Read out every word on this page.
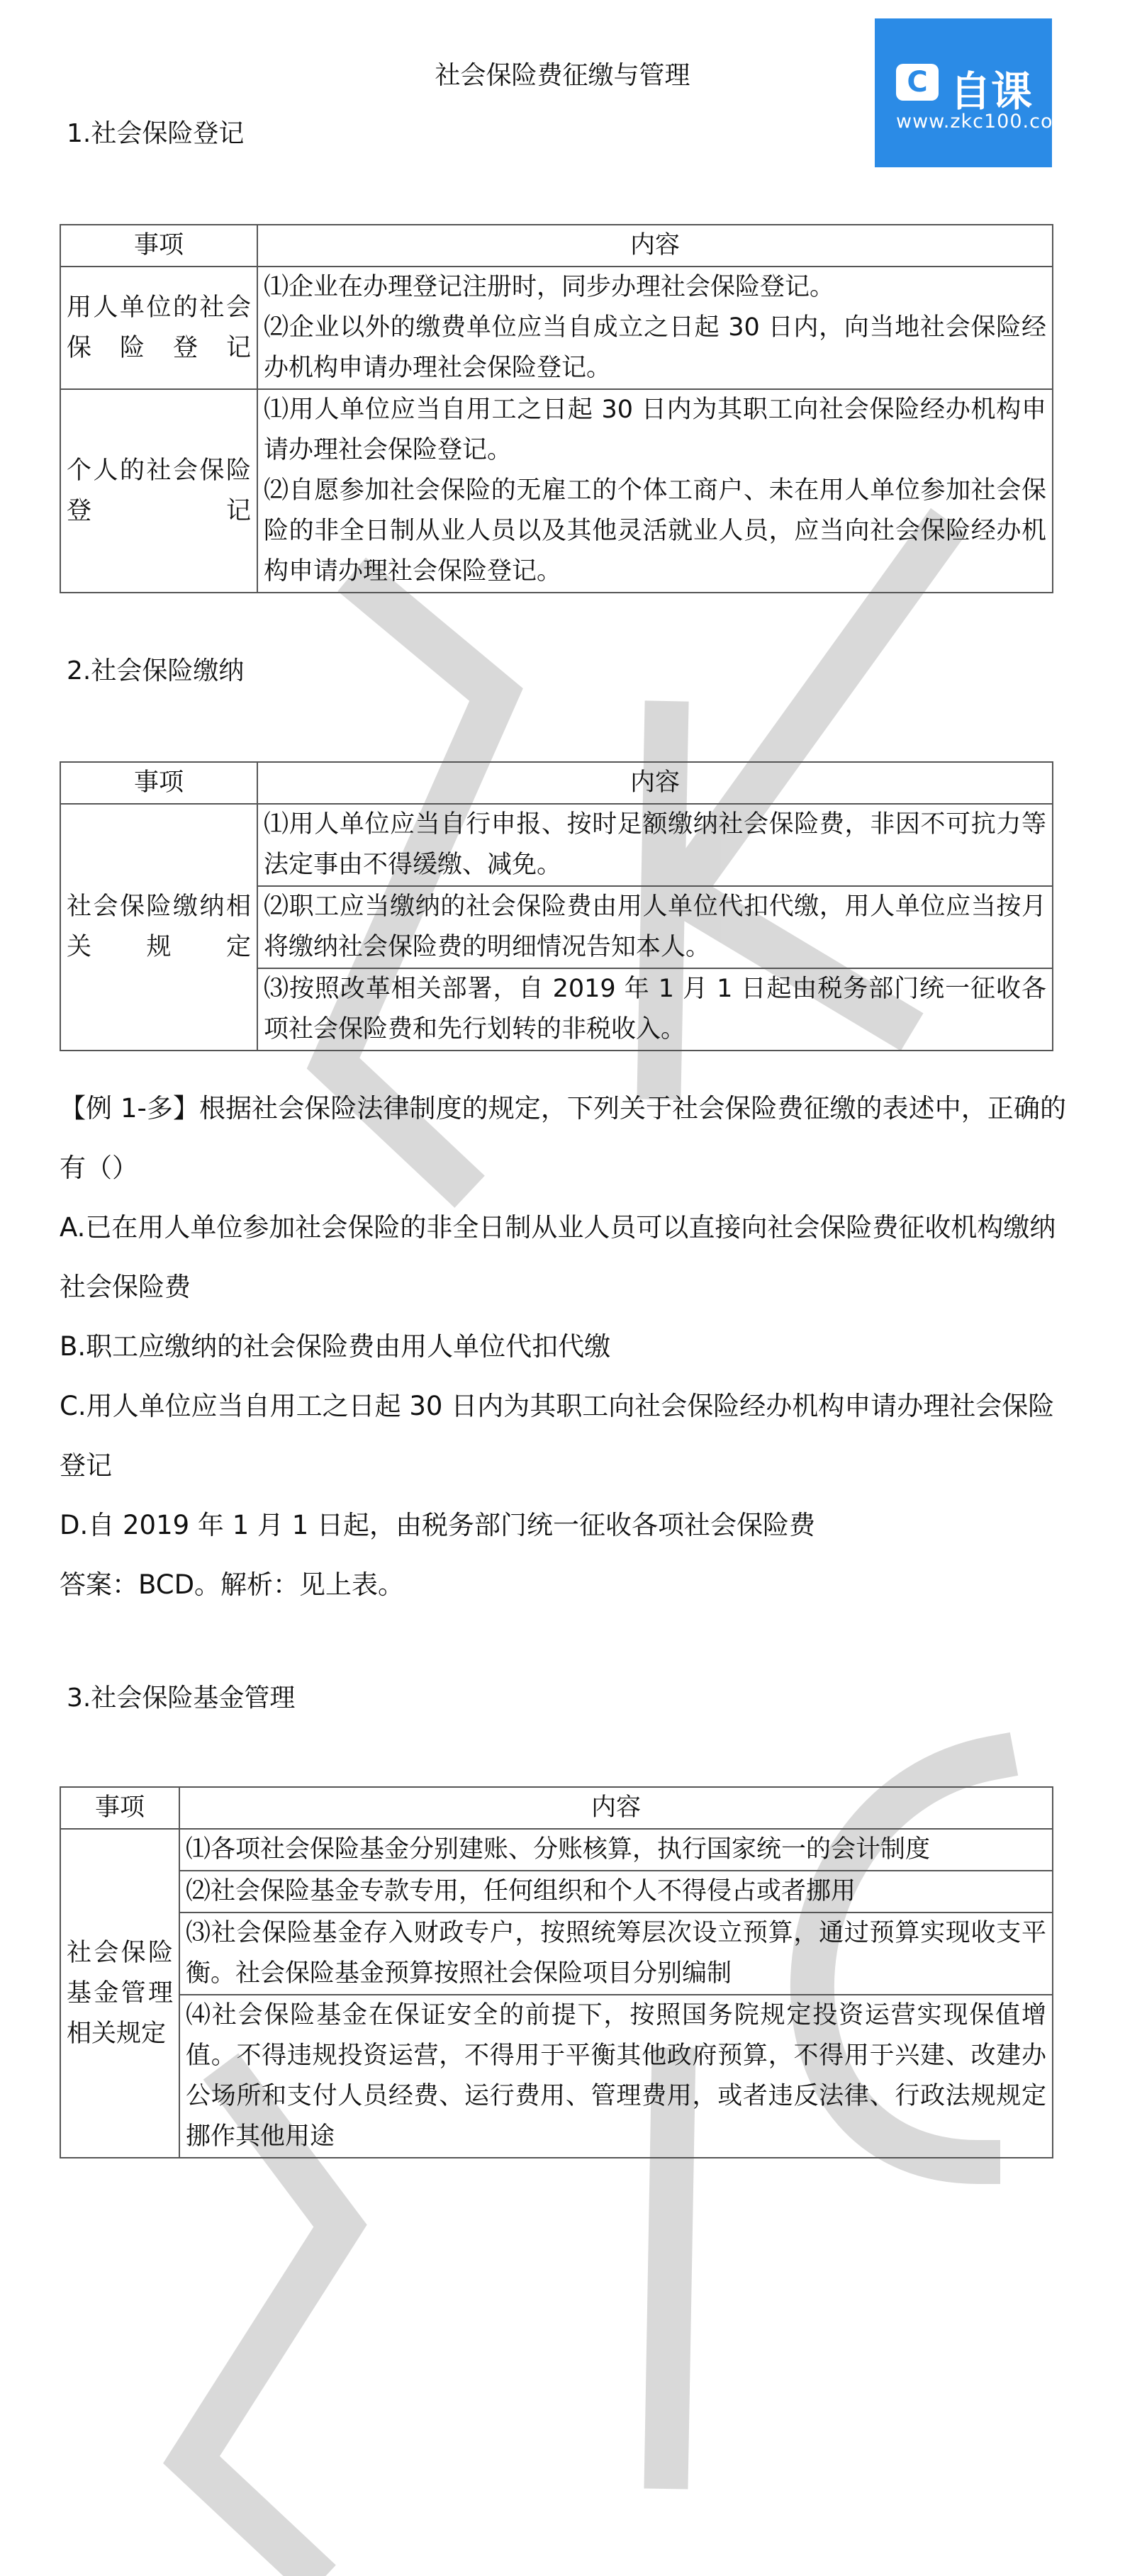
ZKC
社会保险费征缴与管理	C 自课
www.zkc100.com
1.社会保险登记
事项	内容
用人单位的社会保险登记	⑴企业在办理登记注册时，同步办理社会保险登记。
⑵企业以外的缴费单位应当自成立之日起 30 日内，向当地社会保险经办机构申请办理社会保险登记。

个人的社会保险登记	⑴用人单位应当自用工之日起 30 日内为其职工向社会保险经办机构申请办理社会保险登记。
⑵自愿参加社会保险的无雇工的个体工商户、未在用人单位参加社会保险的非全日制从业人员以及其他灵活就业人员，应当向社会保险经办机构申请办理社会保险登记。
2.社会保险缴纳
事项	内容
社会保险缴纳相关规定	⑴用人单位应当自行申报、按时足额缴纳社会保险费，非因不可抗力等法定事由不得缓缴、减免。
	⑵职工应当缴纳的社会保险费由用人单位代扣代缴，用人单位应当按月将缴纳社会保险费的明细情况告知本人。
	⑶按照改革相关部署，自 2019 年 1 月 1 日起由税务部门统一征收各项社会保险费和先行划转的非税收入。

【例 1-多】根据社会保险法律制度的规定，下列关于社会保险费征缴的表述中，正确的有（）

A.已在用人单位参加社会保险的非全日制从业人员可以直接向社会保险费征收机构缴纳社会保险费

B.职工应缴纳的社会保险费由用人单位代扣代缴

C.用人单位应当自用工之日起 30 日内为其职工向社会保险经办机构申请办理社会保险登记

D.自 2019 年 1 月 1 日起，由税务部门统一征收各项社会保险费

答案：BCD。解析：见上表。

3.社会保险基金管理
事项	内容
社会保险基金管理相关规定	⑴各项社会保险基金分别建账、分账核算，执行国家统一的会计制度
	⑵社会保险基金专款专用，任何组织和个人不得侵占或者挪用
	⑶社会保险基金存入财政专户，按照统筹层次设立预算，通过预算实现收支平衡。社会保险基金预算按照社会保险项目分别编制
	⑷社会保险基金在保证安全的前提下，按照国务院规定投资运营实现保值增值。不得违规投资运营，不得用于平衡其他政府预算，不得用于兴建、改建办公场所和支付人员经费、运行费用、管理费用，或者违反法律、行政法规规定挪作其他用途
